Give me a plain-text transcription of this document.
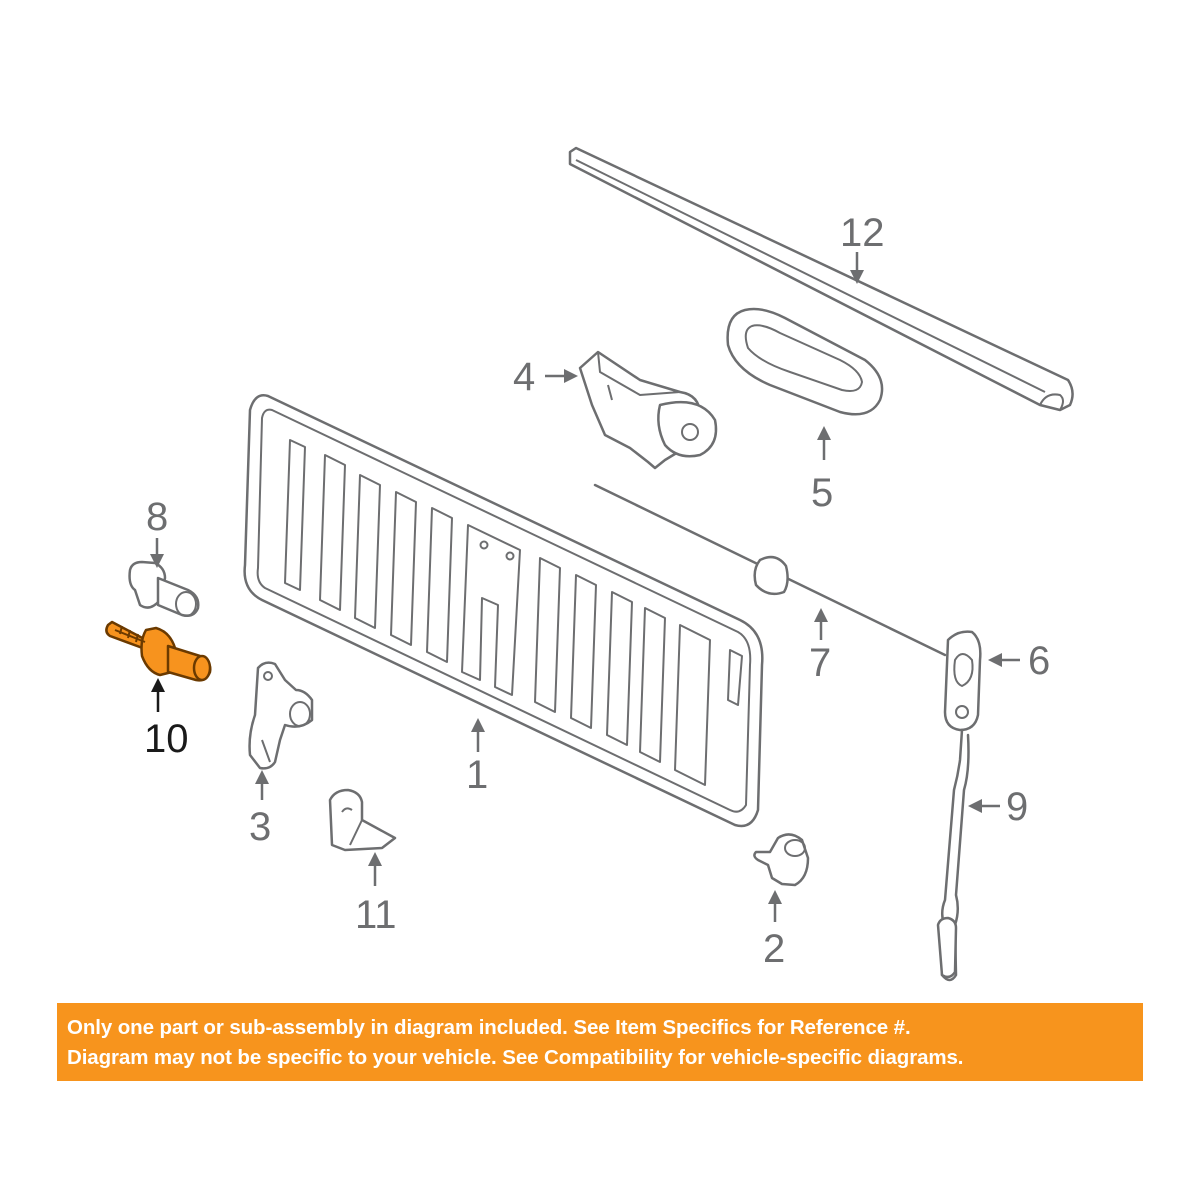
12
4
5
8
7	6
10
1
9
3
11
2

Only one part or sub-assembly in diagram included. See Item Specifics for Reference #.

Diagram may not be specific to your vehicle. See Compatibility for vehicle-specific diagrams.
